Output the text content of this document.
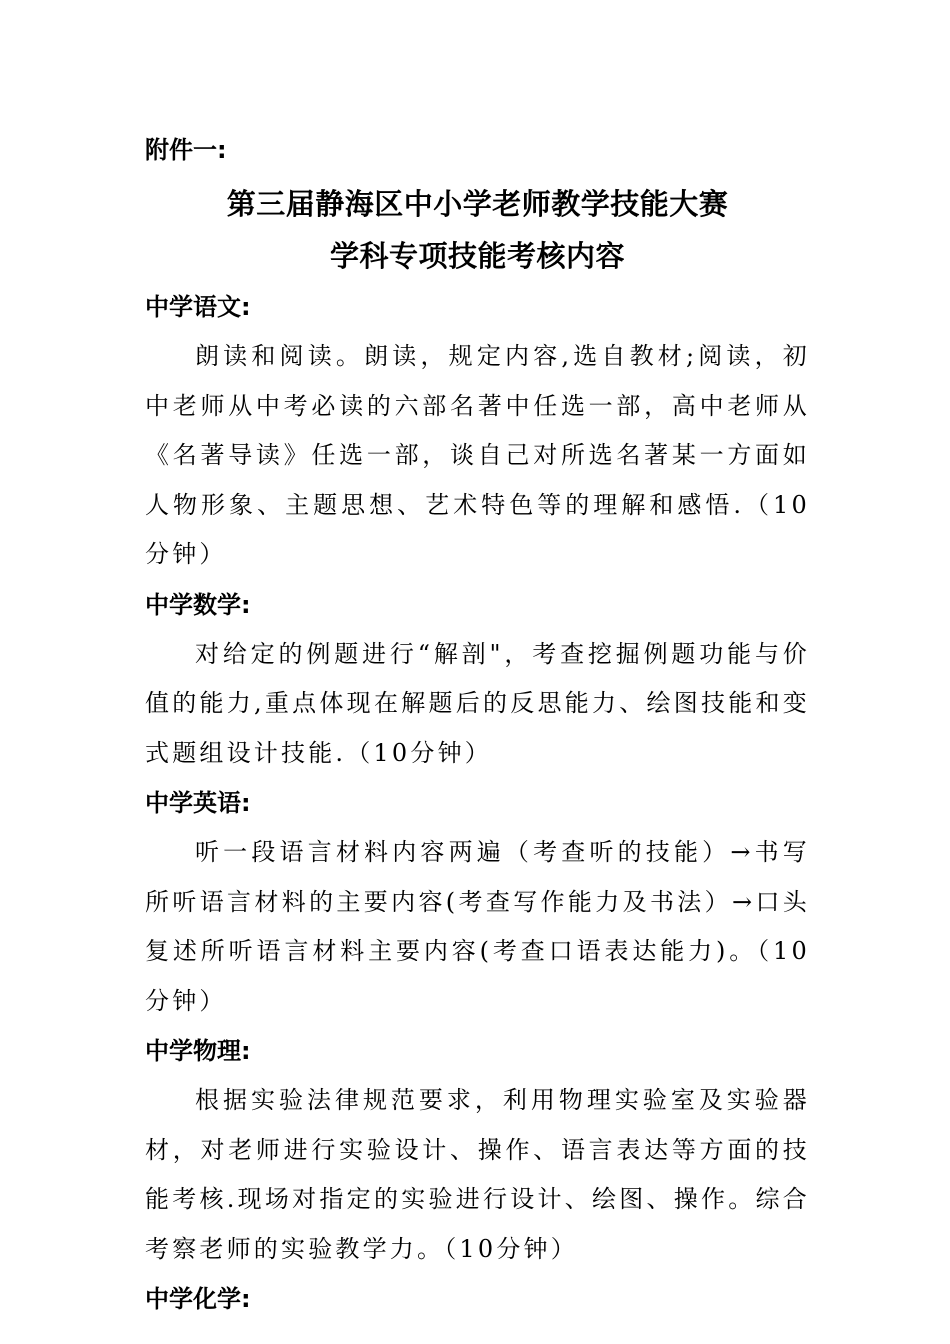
附件一:

第三届静海区中小学老师教学技能大赛

学科专项技能考核内容

中学语文:

朗读和阅读。朗读，规定内容,选自教材;阅读，初中老师从中考必读的六部名著中任选一部，高中老师从《名著导读》任选一部，谈自己对所选名著某一方面如人物形象、主题思想、艺术特色等的理解和感悟.（10分钟）

中学数学:

对给定的例题进行“解剖"，考查挖掘例题功能与价值的能力,重点体现在解题后的反思能力、绘图技能和变式题组设计技能.（10分钟）

中学英语:

听一段语言材料内容两遍（考查听的技能）→书写所听语言材料的主要内容(考查写作能力及书法）→口头复述所听语言材料主要内容(考查口语表达能力)。（10分钟）

中学物理:

根据实验法律规范要求，利用物理实验室及实验器材，对老师进行实验设计、操作、语言表达等方面的技能考核.现场对指定的实验进行设计、绘图、操作。综合考察老师的实验教学力。（10分钟）

中学化学:
